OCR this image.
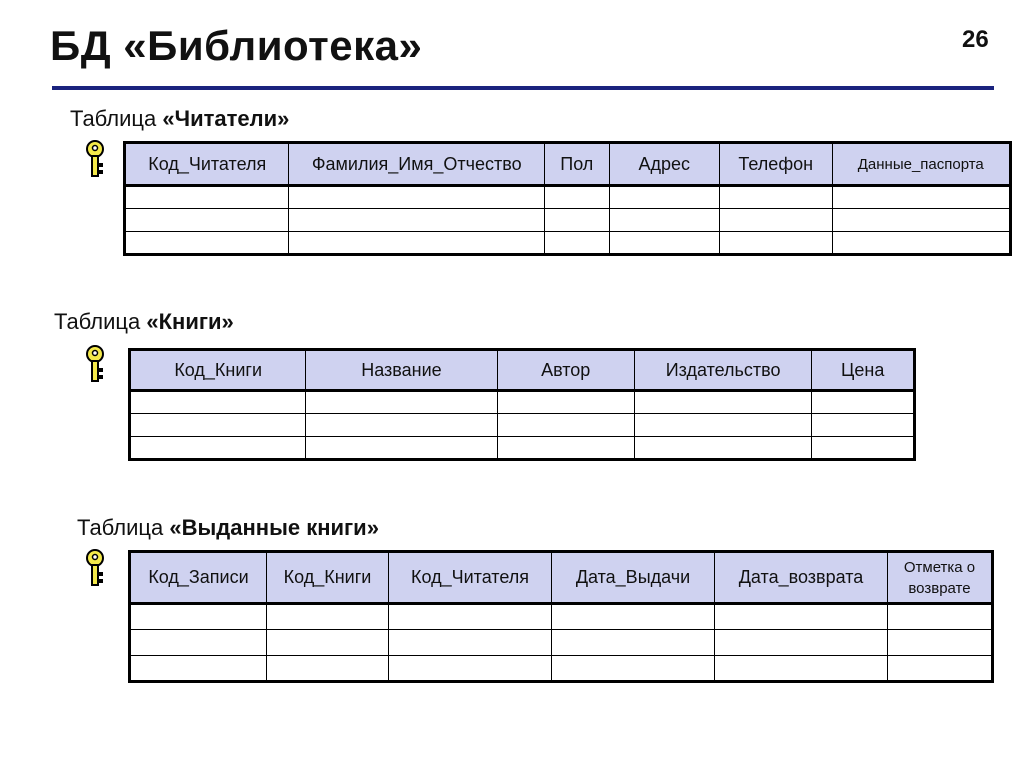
БД «Библиотека»	26
Таблица «Читатели»
Код_Читателя	Фамилия_Имя_Отчество	Пол	Адрес	Телефон	Данные_паспорта

Таблица «Книги»
Код_Книги	Название	Автор	Издательство	Цена

Таблица «Выданные книги»
Код_Записи	Код_Книги	Код_Читателя	Дата_Выдачи	Дата_возврата	Отметка о возврате
